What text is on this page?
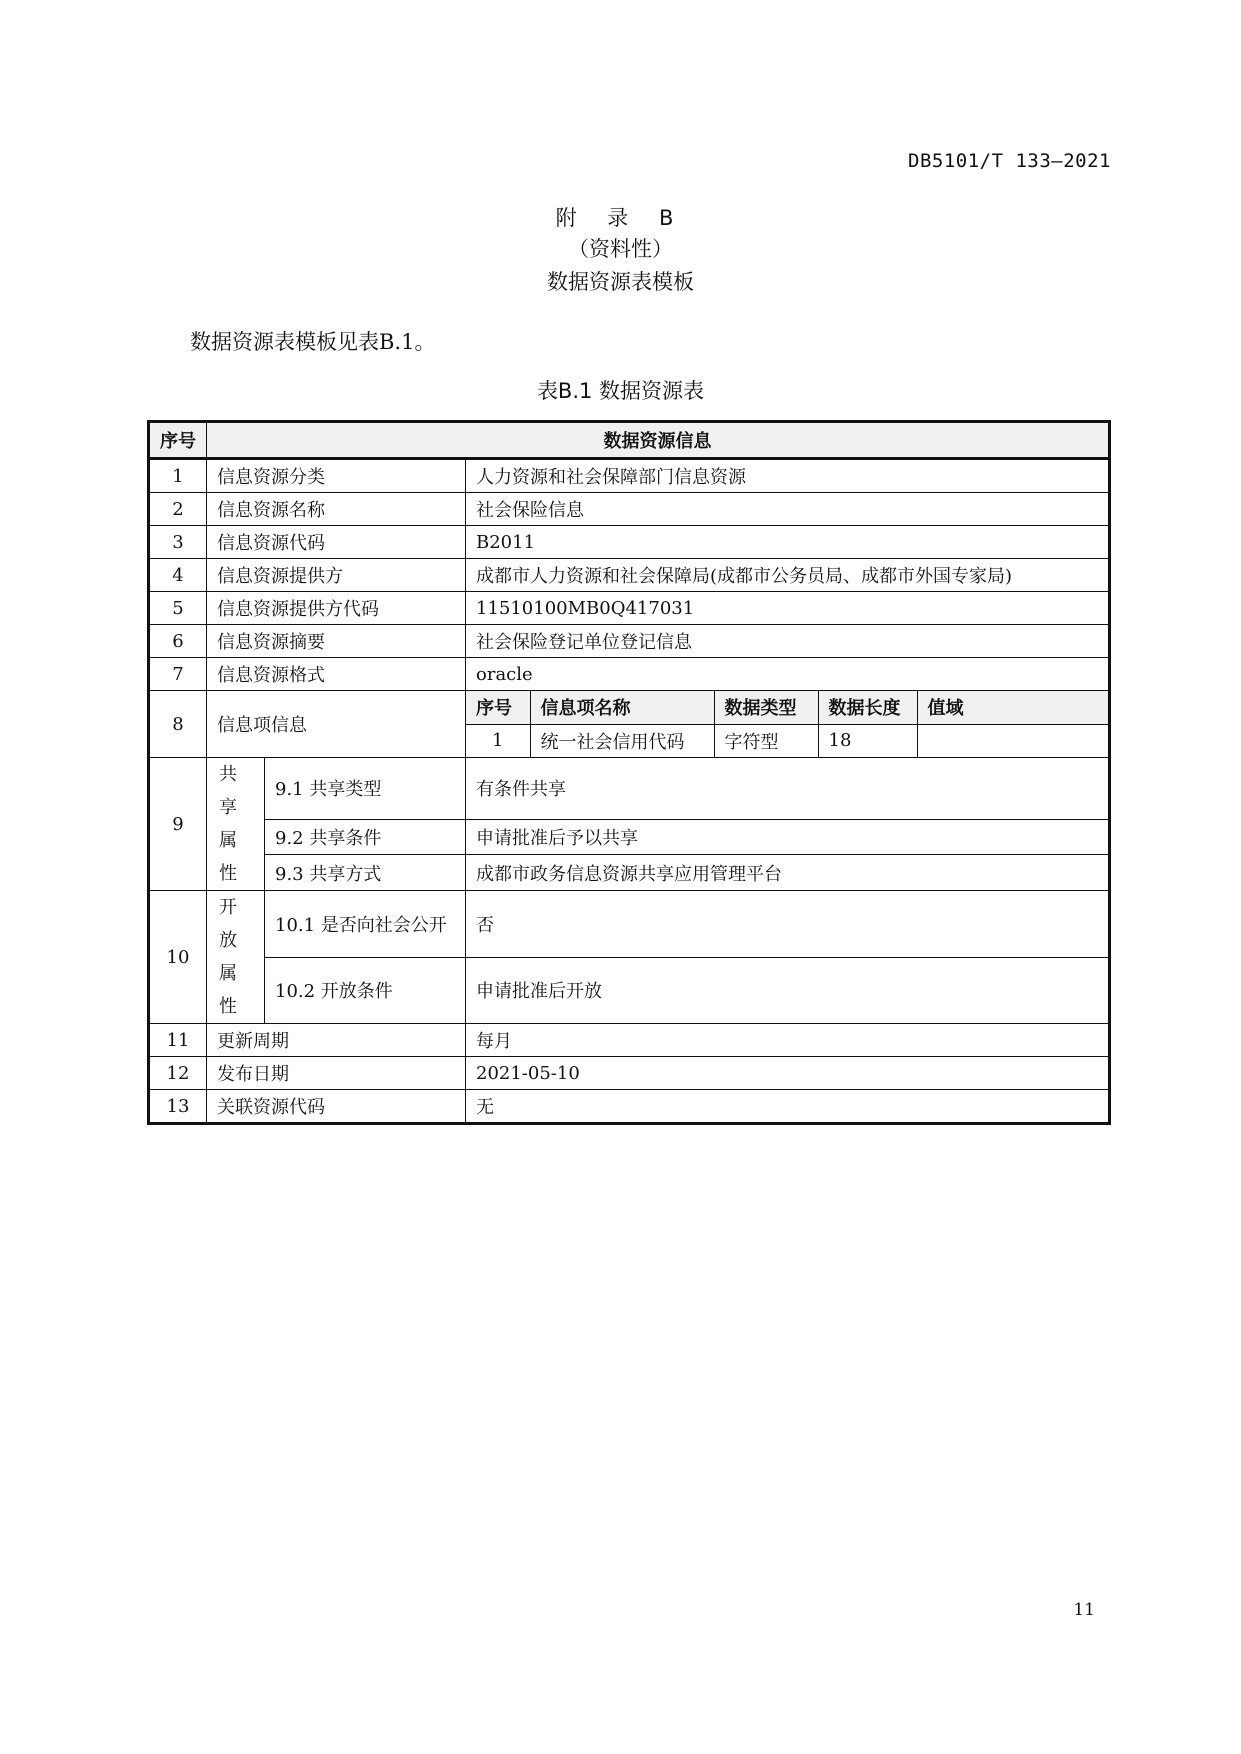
DB5101/T 133—2021
附 录 B
（资料性）
数据资源表模板
数据资源表模板见表B.1。
表B.1 数据资源表
序号	数据资源信息
1	信息资源分类	人力资源和社会保障部门信息资源
2	信息资源名称	社会保险信息
3	信息资源代码	B2011
4	信息资源提供方	成都市人力资源和社会保障局(成都市公务员局、成都市外国专家局)
5	信息资源提供方代码	11510100MB0Q417031
6	信息资源摘要	社会保险登记单位登记信息
7	信息资源格式	oracle
8	信息项信息	
序号	信息项名称	数据类型	数据长度	值域
1	统一社会信用代码	字符型	18	

9	共享属性	9.1 共享类型	有条件共享
9.2 共享条件	申请批准后予以共享
9.3 共享方式	成都市政务信息资源共享应用管理平台
10	开放属性	10.1 是否向社会公开	否
10.2 开放条件	申请批准后开放
11	更新周期	每月
12	发布日期	2021-05-10
13	关联资源代码	无
11
